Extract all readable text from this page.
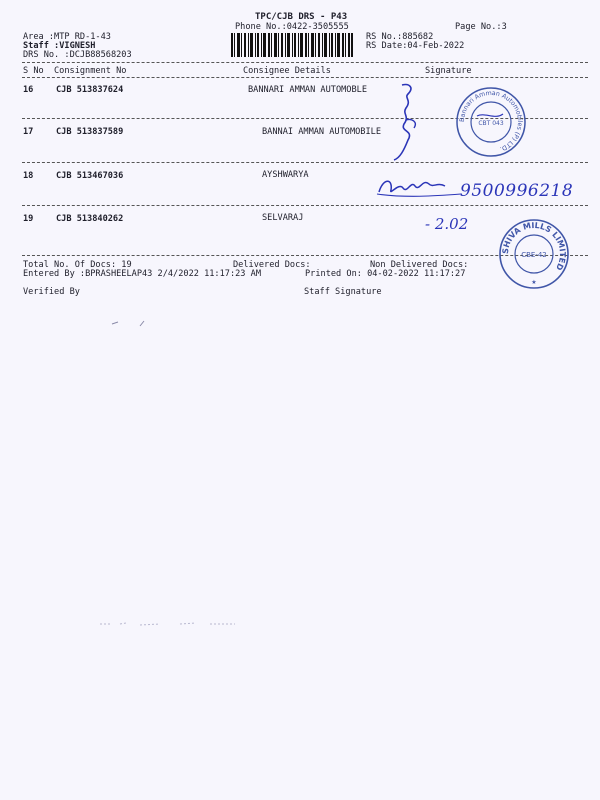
TPC/CJB DRS - P43
Phone No.:0422-3505555	Page No.:3
Area :MTP RD-1-43
Staff :VIGNESH
DRS No. :DCJB88568203
RS No.:885682
RS Date:04-Feb-2022
S No Consignment No	Consignee Details	Signature
16	CJB 513837624	BANNARI AMMAN AUTOMOBLE
17	CJB 513837589	BANNAI AMMAN AUTOMOBILE
18	CJB 513467036	AYSHWARYA
19	CJB 513840262	SELVARAJ
Total No. Of Docs: 19	Delivered Docs:	Non Delivered Docs:
Entered By :BPRASHEELAP43 2/4/2022 11:17:23 AM	Printed On: 04-02-2022 11:17:27
Verified By	Staff Signature
Bannari Amman Automobiles (P) LTD.
CBT 043
9500996218
- 2.02
SHIVA MILLS LIMITED
CBE-42
★
